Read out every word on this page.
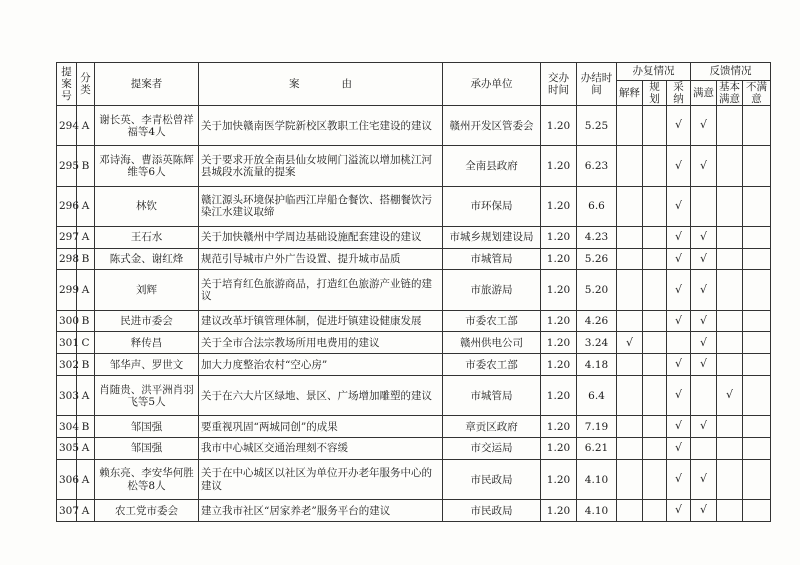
提案号	分类	提案者	案　　　　由	承办单位	交办时间	办结时间	办复情况			反馈情况		
							解释	规划	采纳	满意	基本满意	不满意
294	A	谢长英、李青松曾祥福等4人	关于加快赣南医学院新校区教职工住宅建设的建议	赣州开发区管委会	1.20	5.25			√	√		
295	B	邓诗海、曹添英陈辉维等6人	关于要求开放全南县仙女坡闸门溢流以增加桃江河县城段水流量的提案	全南县政府	1.20	6.23			√	√		
296	A	林钦	赣江源头环境保护临西江岸船仓餐饮、搭棚餐饮污染江水建议取缔	市环保局	1.20	6.6			√			
297	A	王石水	关于加快赣州中学周边基础设施配套建设的建议	市城乡规划建设局	1.20	4.23			√	√		
298	B	陈式金、谢红烽	规范引导城市户外广告设置、提升城市品质	市城管局	1.20	5.26			√	√		
299	A	刘辉	关于培育红色旅游商品，打造红色旅游产业链的建议	市旅游局	1.20	5.20			√	√		
300	B	民进市委会	建议改革圩镇管理体制，促进圩镇建设健康发展	市委农工部	1.20	4.26			√	√		
301	C	释传昌	关于全市合法宗教场所用电费用的建议	赣州供电公司	1.20	3.24	√			√		
302	B	邹华声、罗世文	加大力度整治农村“空心房”	市委农工部	1.20	4.18			√	√		
303	A	肖随贵、洪平洲肖羽飞等5人	关于在六大片区绿地、景区、广场增加雕塑的建议	市城管局	1.20	6.4			√		√	
304	B	邹国强	要重视巩固“两城同创”的成果	章贡区政府	1.20	7.19			√	√		
305	A	邹国强	我市中心城区交通治理刻不容缓	市交运局	1.20	6.21			√			
306	A	赖东亮、李安华何胜松等8人	关于在中心城区以社区为单位开办老年服务中心的建议	市民政局	1.20	4.10			√	√		
307	A	农工党市委会	建立我市社区“居家养老”服务平台的建议	市民政局	1.20	4.10			√	√		
